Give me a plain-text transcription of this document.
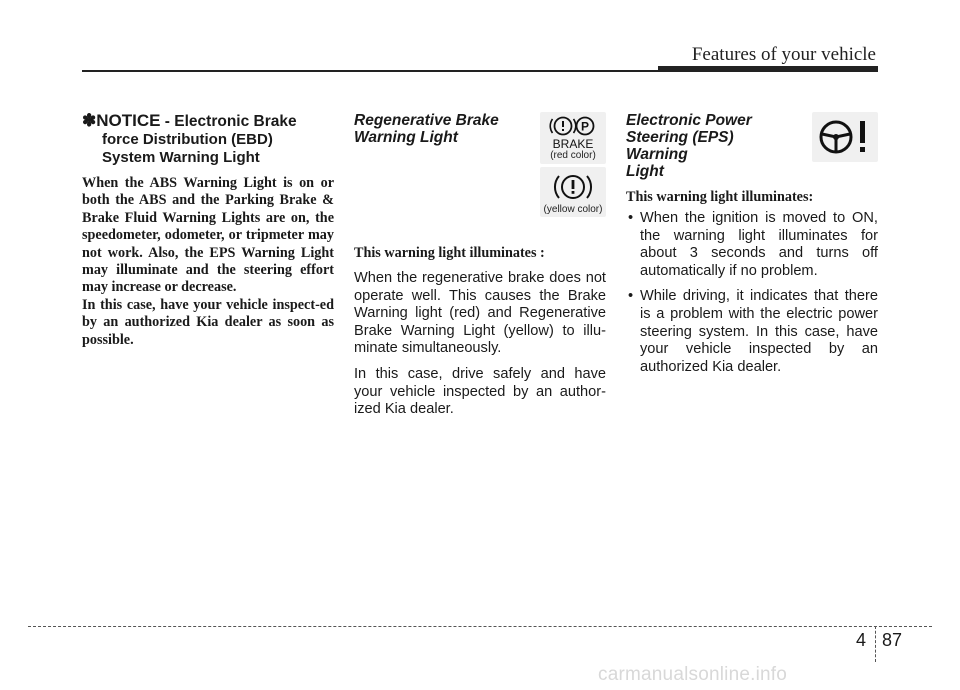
Features of your vehicle
✽NOTICE - Electronic Brake
force Distribution (EBD)
System Warning Light

When the ABS Warning Light is on or both the ABS and the Parking Brake & Brake Fluid Warning Lights are on, the speedometer, odometer, or tripmeter may not work. Also, the EPS Warning Light may illuminate and the steering effort may increase or decrease.

In this case, have your vehicle inspect-ed by an authorized Kia dealer as soon as possible.

Regenerative Brake
Warning Light

This warning light illuminates :

When the regenerative brake does not operate well. This causes the Brake Warning light (red) and Regenerative Brake Warning Light (yellow) to illu-minate simultaneously.

In this case, drive safely and have your vehicle inspected by an author-ized Kia dealer.

P
BRAKE
(red color)
(yellow color)
Electronic Power
Steering (EPS) Warning
Light

This warning light illuminates:

• When the ignition is moved to ON, the warning light illuminates for about 3 seconds and turns off automatically if no problem.
• While driving, it indicates that there is a problem with the electric power steering system. In this case, have your vehicle inspected by an authorized Kia dealer.
4 87
carmanualsonline.info
